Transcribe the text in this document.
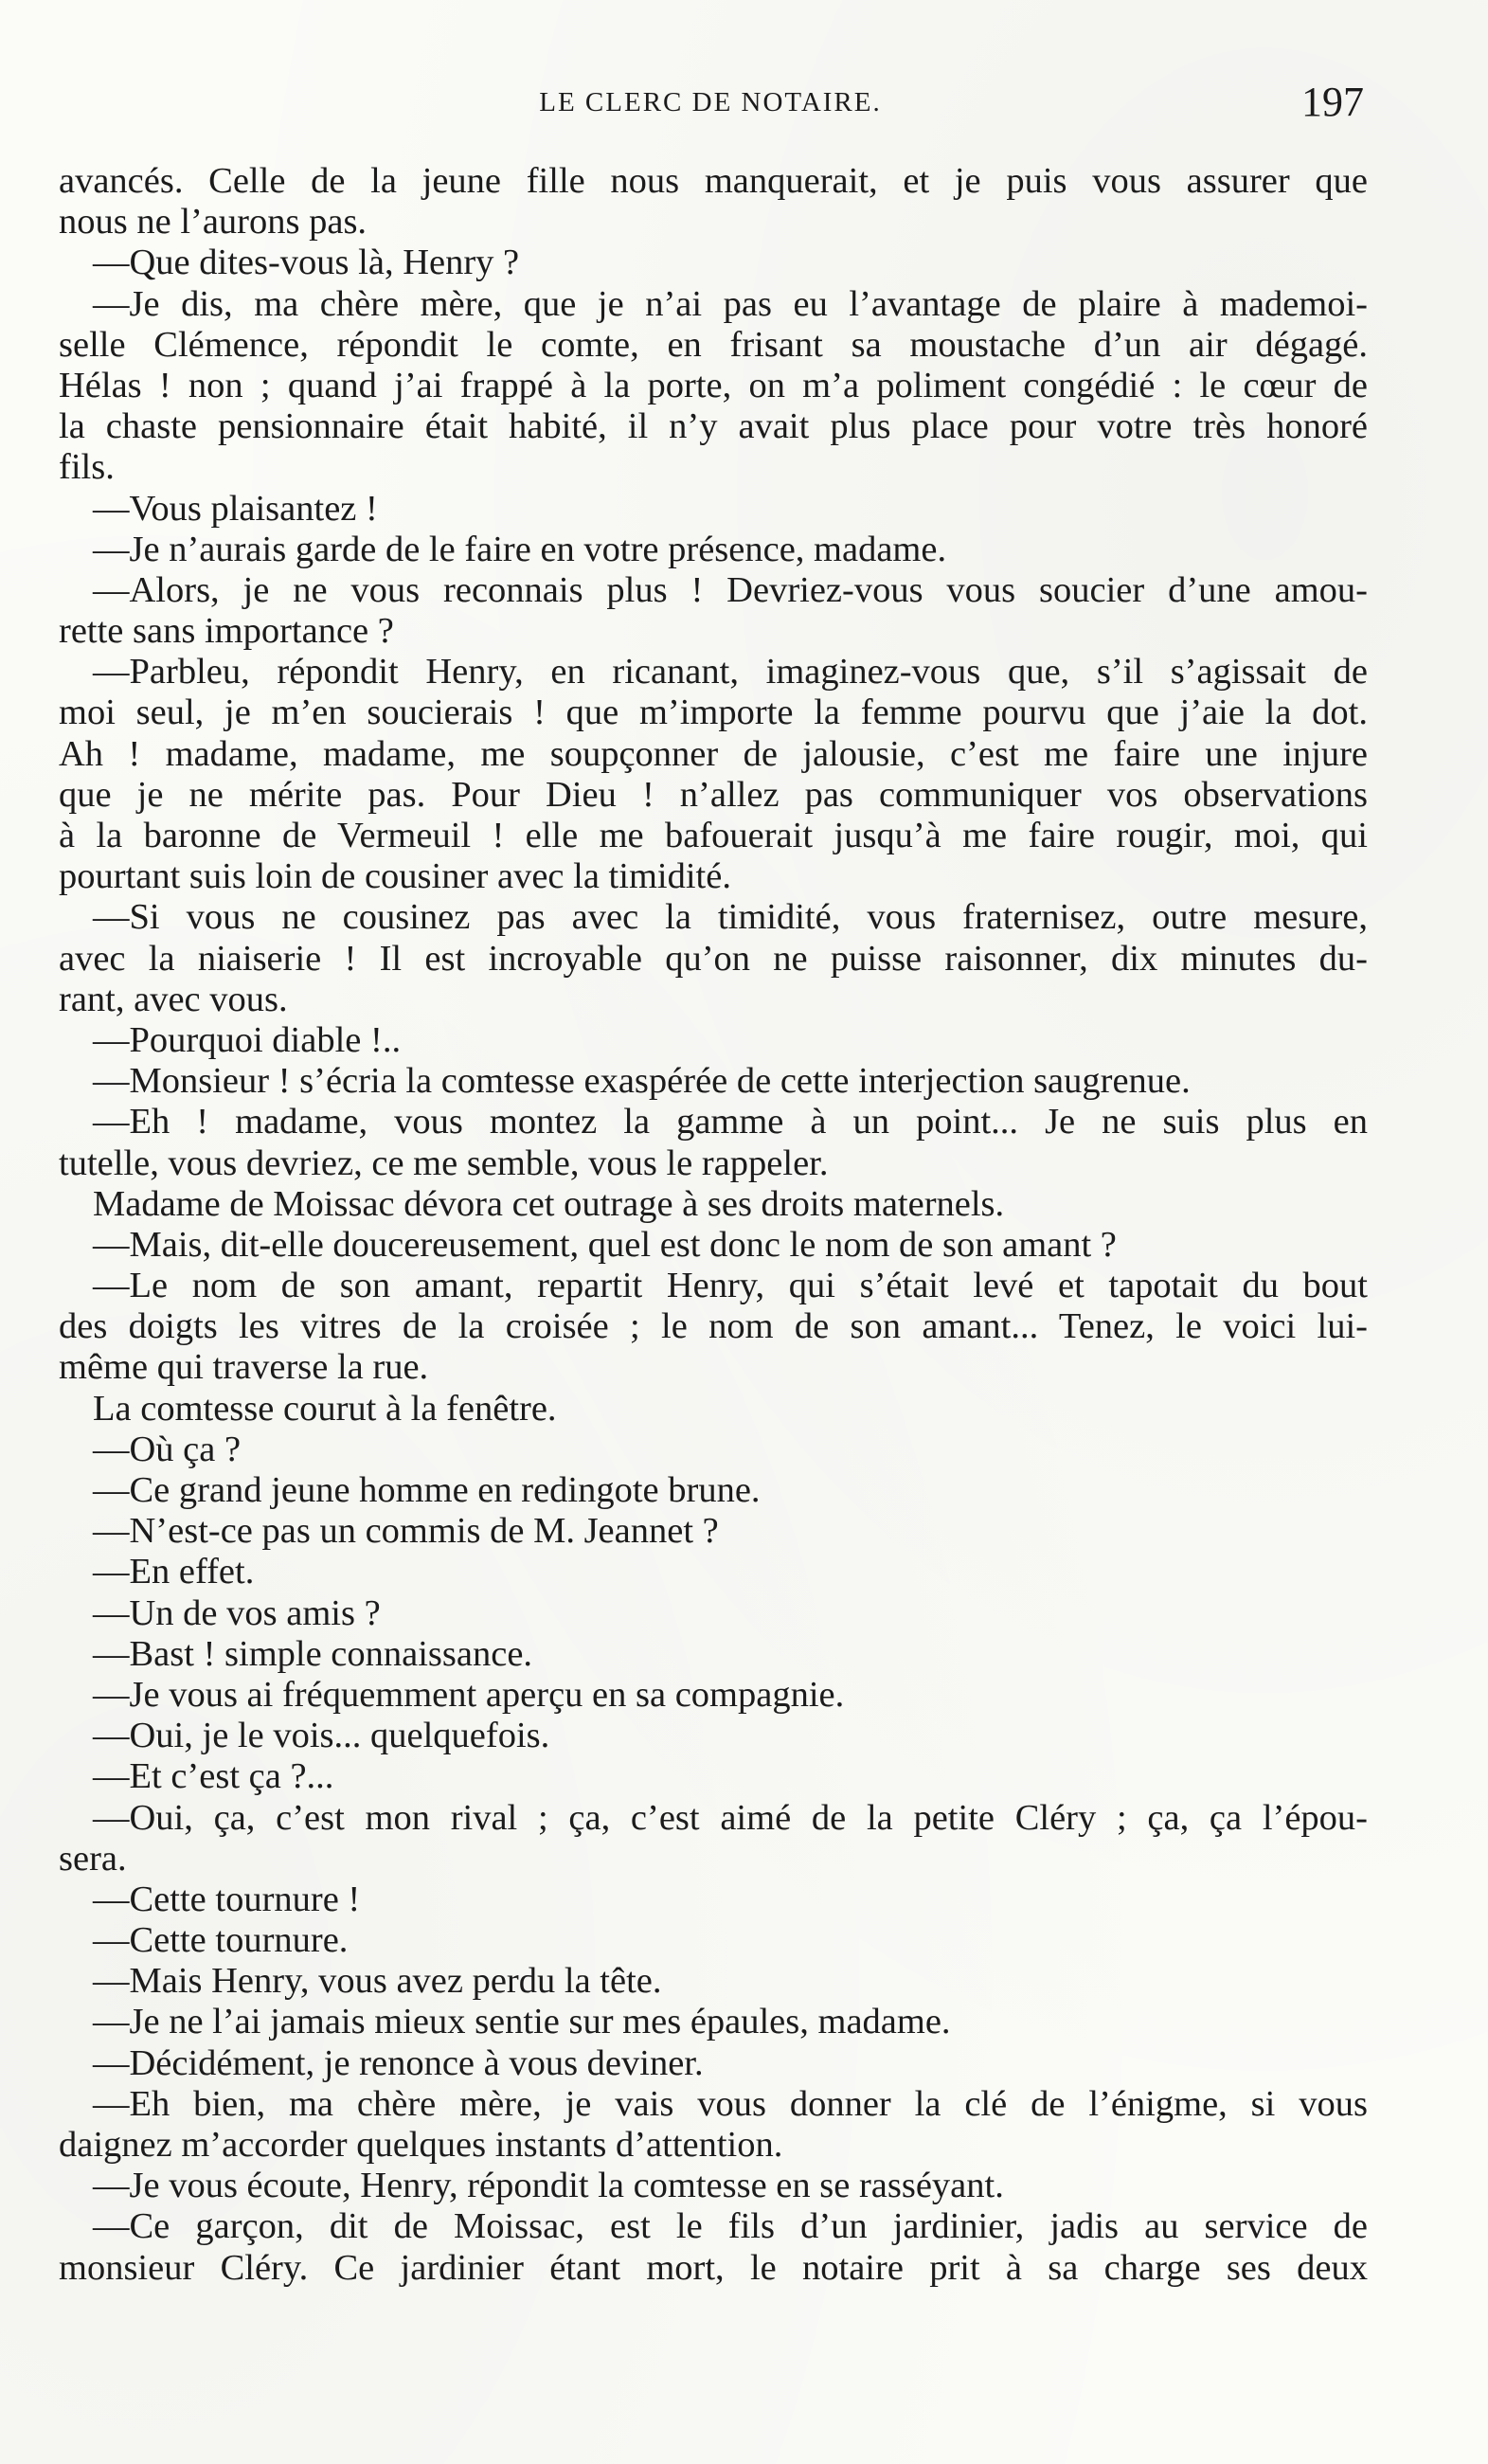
LE CLERC DE NOTAIRE.	197
avancés. Celle de la jeune fille nous manquerait, et je puis vous assurer que
nous ne l’aurons pas.
—Que dites-vous là, Henry ?
—Je dis, ma chère mère, que je n’ai pas eu l’avantage de plaire à mademoi-
selle Clémence, répondit le comte, en frisant sa moustache d’un air dégagé.
Hélas ! non ; quand j’ai frappé à la porte, on m’a poliment congédié : le cœur de
la chaste pensionnaire était habité, il n’y avait plus place pour votre très honoré
fils.
—Vous plaisantez !
—Je n’aurais garde de le faire en votre présence, madame.
—Alors, je ne vous reconnais plus ! Devriez-vous vous soucier d’une amou-
rette sans importance ?
—Parbleu, répondit Henry, en ricanant, imaginez-vous que, s’il s’agissait de
moi seul, je m’en soucierais ! que m’importe la femme pourvu que j’aie la dot.
Ah ! madame, madame, me soupçonner de jalousie, c’est me faire une injure
que je ne mérite pas. Pour Dieu ! n’allez pas communiquer vos observations
à la baronne de Vermeuil ! elle me bafouerait jusqu’à me faire rougir, moi, qui
pourtant suis loin de cousiner avec la timidité.
—Si vous ne cousinez pas avec la timidité, vous fraternisez, outre mesure,
avec la niaiserie ! Il est incroyable qu’on ne puisse raisonner, dix minutes du-
rant, avec vous.
—Pourquoi diable !..
—Monsieur ! s’écria la comtesse exaspérée de cette interjection saugrenue.
—Eh ! madame, vous montez la gamme à un point... Je ne suis plus en
tutelle, vous devriez, ce me semble, vous le rappeler.
Madame de Moissac dévora cet outrage à ses droits maternels.
—Mais, dit-elle doucereusement, quel est donc le nom de son amant ?
—Le nom de son amant, repartit Henry, qui s’était levé et tapotait du bout
des doigts les vitres de la croisée ; le nom de son amant... Tenez, le voici lui-
même qui traverse la rue.
La comtesse courut à la fenêtre.
—Où ça ?
—Ce grand jeune homme en redingote brune.
—N’est-ce pas un commis de M. Jeannet ?
—En effet.
—Un de vos amis ?
—Bast ! simple connaissance.
—Je vous ai fréquemment aperçu en sa compagnie.
—Oui, je le vois... quelquefois.
—Et c’est ça ?...
—Oui, ça, c’est mon rival ; ça, c’est aimé de la petite Cléry ; ça, ça l’épou-
sera.
—Cette tournure !
—Cette tournure.
—Mais Henry, vous avez perdu la tête.
—Je ne l’ai jamais mieux sentie sur mes épaules, madame.
—Décidément, je renonce à vous deviner.
—Eh bien, ma chère mère, je vais vous donner la clé de l’énigme, si vous
daignez m’accorder quelques instants d’attention.
—Je vous écoute, Henry, répondit la comtesse en se rasséyant.
—Ce garçon, dit de Moissac, est le fils d’un jardinier, jadis au service de
monsieur Cléry. Ce jardinier étant mort, le notaire prit à sa charge ses deux
